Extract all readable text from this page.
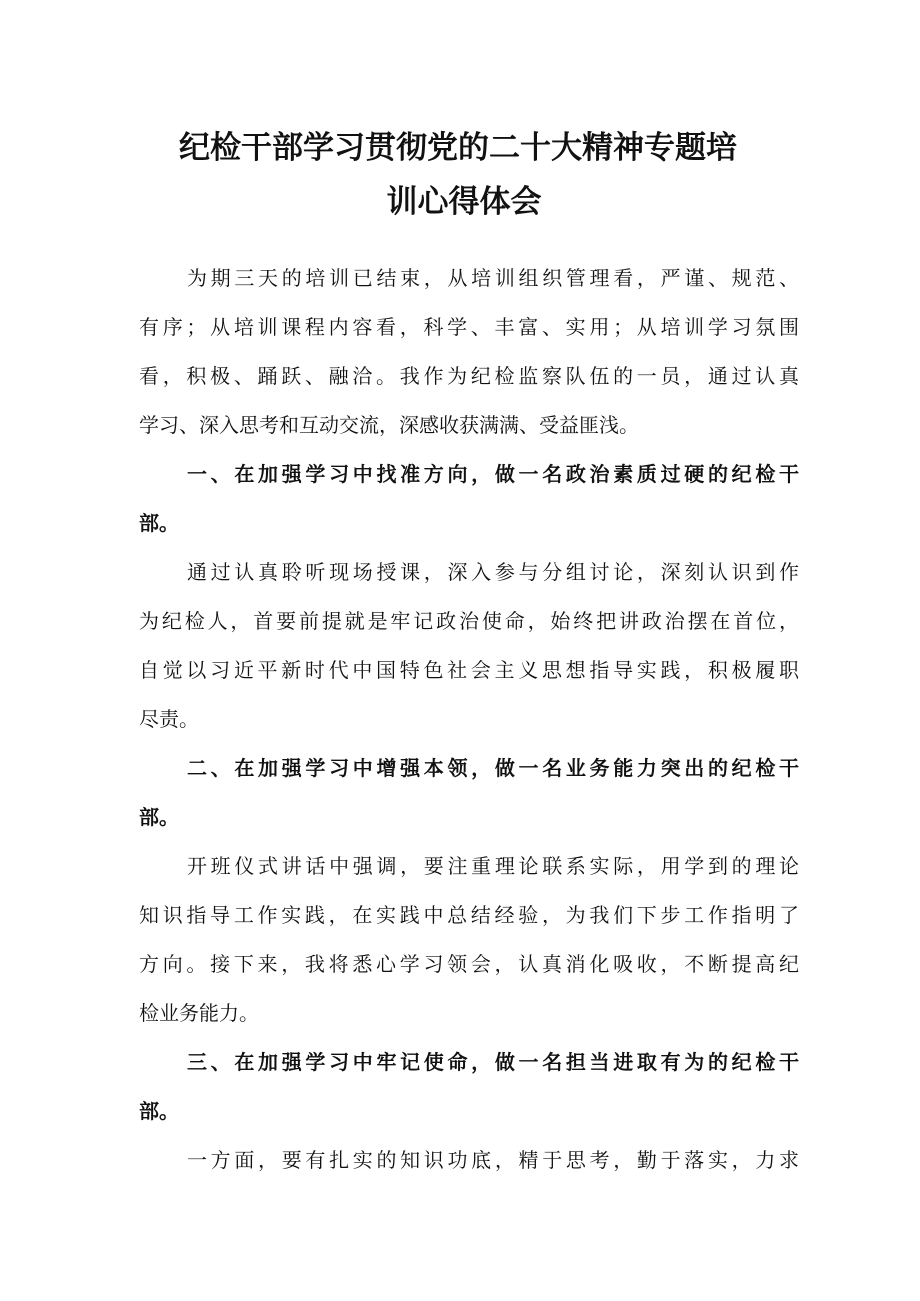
纪检干部学习贯彻党的二十大精神专题培
训心得体会

为期三天的培训已结束，从培训组织管理看，严谨、规范、

有序；从培训课程内容看，科学、丰富、实用；从培训学习氛围

看，积极、踊跃、融洽。我作为纪检监察队伍的一员，通过认真

学习、深入思考和互动交流，深感收获满满、受益匪浅。

一、在加强学习中找准方向，做一名政治素质过硬的纪检干

部。

通过认真聆听现场授课，深入参与分组讨论，深刻认识到作

为纪检人，首要前提就是牢记政治使命，始终把讲政治摆在首位，

自觉以习近平新时代中国特色社会主义思想指导实践，积极履职

尽责。

二、在加强学习中增强本领，做一名业务能力突出的纪检干

部。

开班仪式讲话中强调，要注重理论联系实际，用学到的理论

知识指导工作实践，在实践中总结经验，为我们下步工作指明了

方向。接下来，我将悉心学习领会，认真消化吸收，不断提高纪

检业务能力。

三、在加强学习中牢记使命，做一名担当进取有为的纪检干

部。

一方面，要有扎实的知识功底，精于思考，勤于落实，力求
